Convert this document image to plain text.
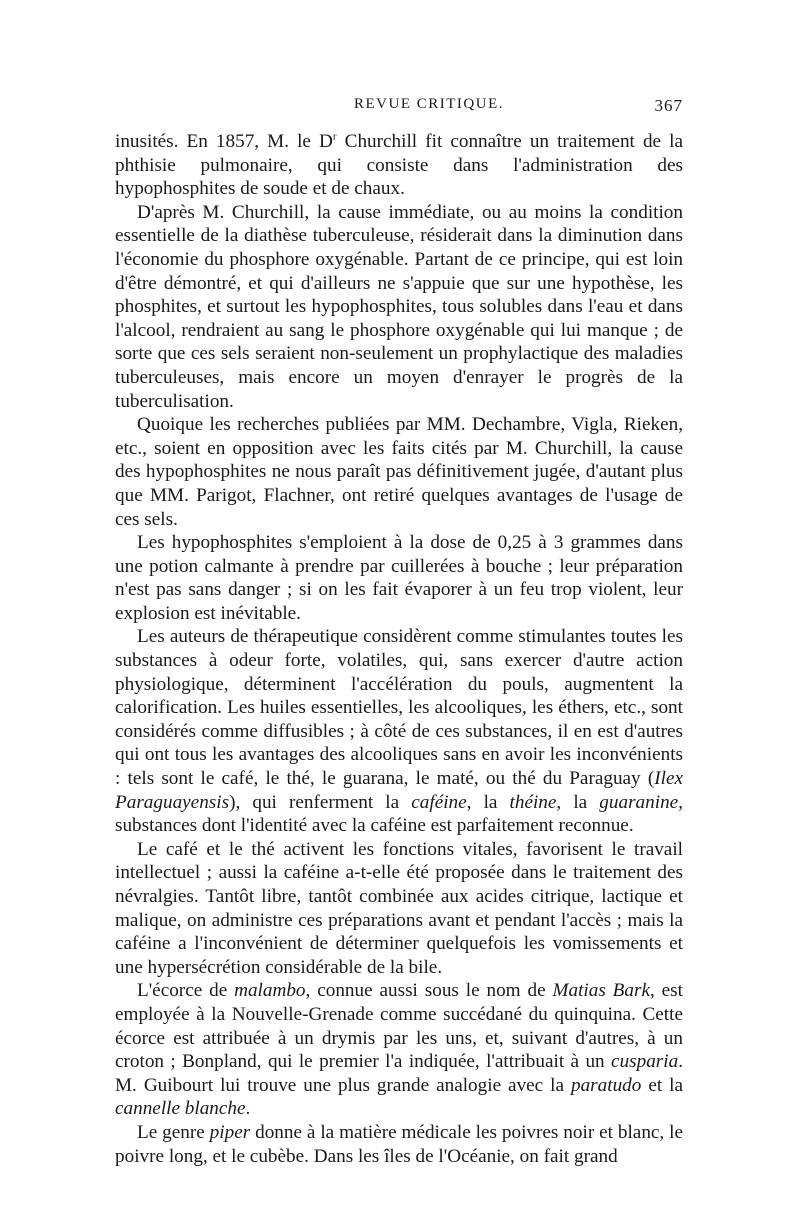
REVUE CRITIQUE.	367

inusités. En 1857, M. le $D^r$ Churchill fit connaître un traitement de la phthisie pulmonaire, qui consiste dans l'administration des hypophosphites de soude et de chaux.

D'après M. Churchill, la cause immédiate, ou au moins la condition essentielle de la diathèse tuberculeuse, résiderait dans la diminution dans l'économie du phosphore oxygénable. Partant de ce principe, qui est loin d'être démontré, et qui d'ailleurs ne s'appuie que sur une hypothèse, les phosphites, et surtout les hypophosphites, tous solubles dans l'eau et dans l'alcool, rendraient au sang le phosphore oxygénable qui lui manque ; de sorte que ces sels seraient non-seulement un prophylactique des maladies tuberculeuses, mais encore un moyen d'enrayer le progrès de la tuberculisation.

Quoique les recherches publiées par MM. Dechambre, Vigla, Rieken, etc., soient en opposition avec les faits cités par M. Churchill, la cause des hypophosphites ne nous paraît pas définitivement jugée, d'autant plus que MM. Parigot, Flachner, ont retiré quelques avantages de l'usage de ces sels.

Les hypophosphites s'emploient à la dose de 0,25 à 3 grammes dans une potion calmante à prendre par cuillerées à bouche ; leur préparation n'est pas sans danger ; si on les fait évaporer à un feu trop violent, leur explosion est inévitable.

Les auteurs de thérapeutique considèrent comme stimulantes toutes les substances à odeur forte, volatiles, qui, sans exercer d'autre action physiologique, déterminent l'accélération du pouls, augmentent la calorification. Les huiles essentielles, les alcooliques, les éthers, etc., sont considérés comme diffusibles ; à côté de ces substances, il en est d'autres qui ont tous les avantages des alcooliques sans en avoir les inconvénients : tels sont le café, le thé, le guarana, le maté, ou thé du Paraguay (Ilex Paraguayensis), qui renferment la caféine, la théine, la guaranine, substances dont l'identité avec la caféine est parfaitement reconnue.

Le café et le thé activent les fonctions vitales, favorisent le travail intellectuel ; aussi la caféine a-t-elle été proposée dans le traitement des névralgies. Tantôt libre, tantôt combinée aux acides citrique, lactique et malique, on administre ces préparations avant et pendant l'accès ; mais la caféine a l'inconvénient de déterminer quelquefois les vomissements et une hypersécrétion considérable de la bile.

L'écorce de malambo, connue aussi sous le nom de Matias Bark, est employée à la Nouvelle-Grenade comme succédané du quinquina. Cette écorce est attribuée à un drymis par les uns, et, suivant d'autres, à un croton ; Bonpland, qui le premier l'a indiquée, l'attribuait à un cusparia. M. Guibourt lui trouve une plus grande analogie avec la paratudo et la cannelle blanche.

Le genre piper donne à la matière médicale les poivres noir et blanc, le poivre long, et le cubèbe. Dans les îles de l'Océanie, on fait grand
